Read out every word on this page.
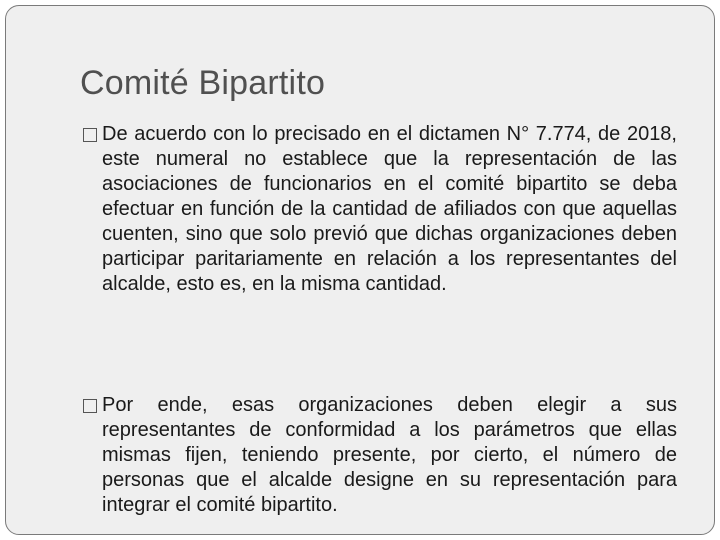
Comité Bipartito

De acuerdo con lo precisado en el dictamen N° 7.774, de 2018, este numeral no establece que la representación de las asociaciones de funcionarios en el comité bipartito se deba efectuar en función de la cantidad de afiliados con que aquellas cuenten, sino que solo previó que dichas organizaciones deben participar paritariamente en relación a los representantes del alcalde, esto es, en la misma cantidad.

Por ende, esas organizaciones deben elegir a sus representantes de conformidad a los parámetros que ellas mismas fijen, teniendo presente, por cierto, el número de personas que el alcalde designe en su representación para integrar el comité bipartito.
